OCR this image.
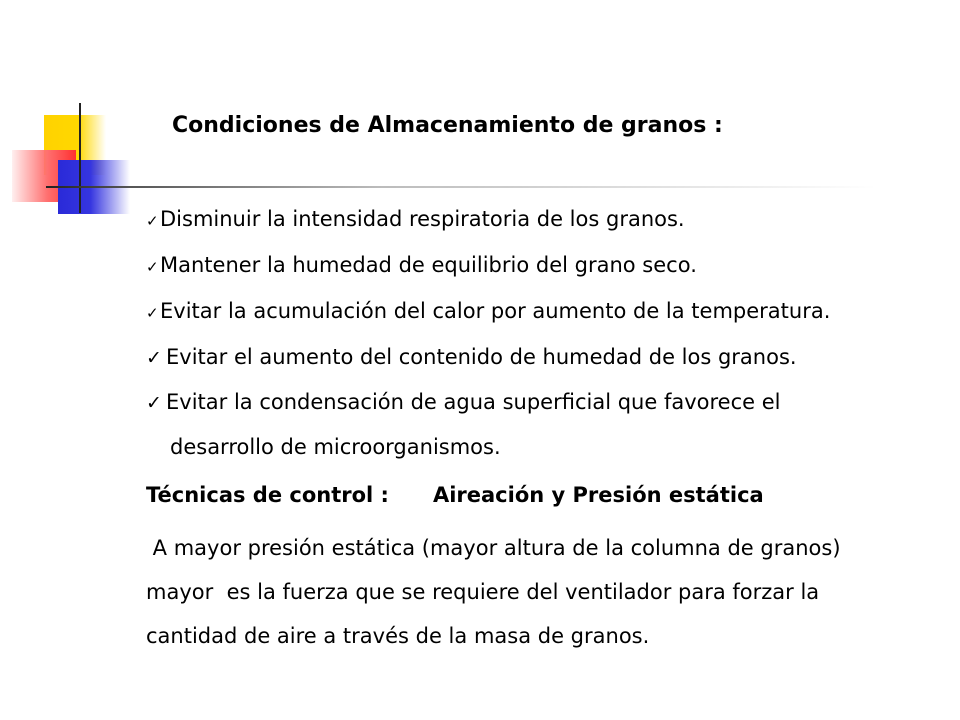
Condiciones de Almacenamiento de granos :
✓Disminuir la intensidad respiratoria de los granos.
✓Mantener la humedad de equilibrio del grano seco.
✓Evitar la acumulación del calor por aumento de la temperatura.
✓ Evitar el aumento del contenido de humedad de los granos.
✓ Evitar la condensación de agua superficial que favorece el
desarrollo de microorganismos.
Técnicas de control : Aireación y Presión estática

A mayor presión estática (mayor altura de la columna de granos)
mayor  es la fuerza que se requiere del ventilador para forzar la
cantidad de aire a través de la masa de granos.
